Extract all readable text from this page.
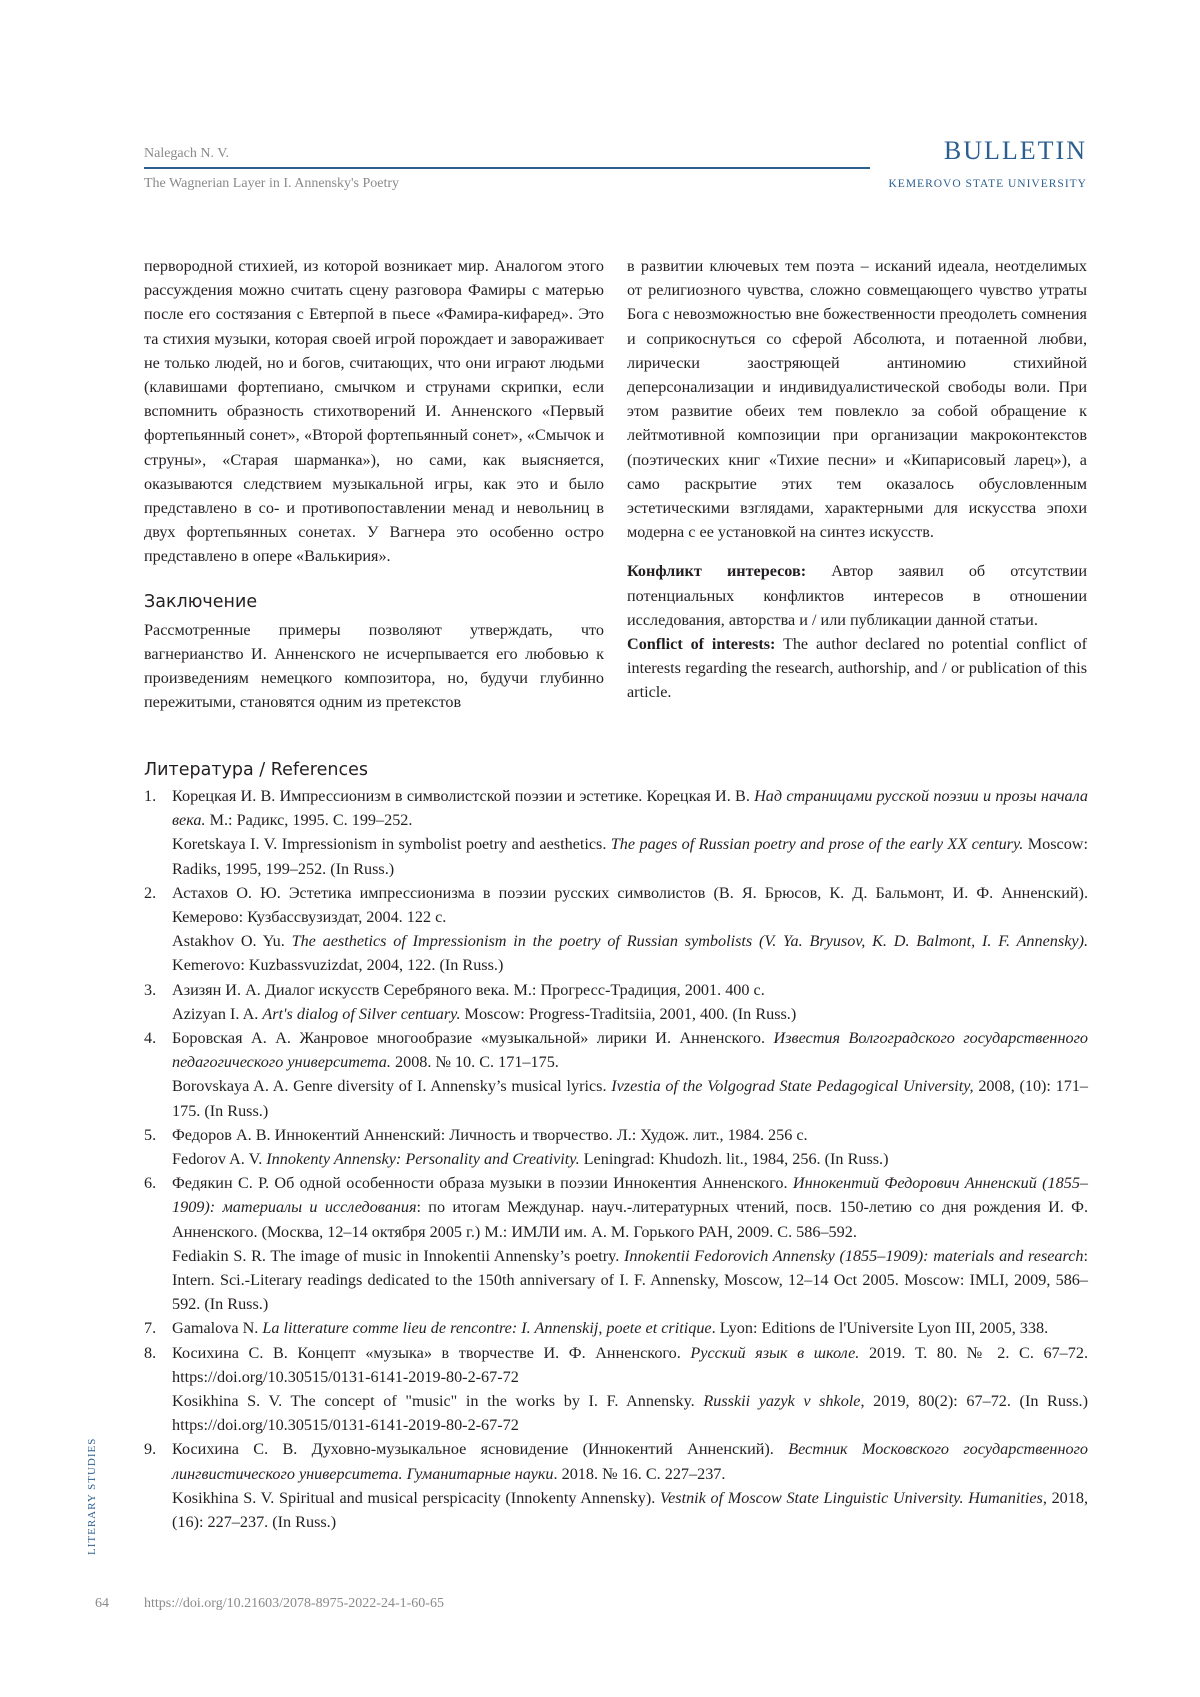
Nalegach N. V.
The Wagnerian Layer in I. Annensky's Poetry
BULLETIN
KEMEROVO STATE UNIVERSITY

первородной стихией, из которой возникает мир. Аналогом этого рассуждения можно считать сцену разговора Фамиры с матерью после его состязания с Евтерпой в пьесе «Фамира-кифаред». Это та стихия музыки, которая своей игрой порождает и завораживает не только людей, но и богов, считающих, что они играют людьми (клавишами фортепиано, смычком и струнами скрипки, если вспомнить образность стихотворений И. Анненского «Первый фортепьянный сонет», «Второй фортепьянный сонет», «Смычок и струны», «Старая шарманка»), но сами, как выясняется, оказываются следствием музыкальной игры, как это и было представлено в со- и противопоставлении менад и невольниц в двух фортепьянных сонетах. У Вагнера это особенно остро представлено в опере «Валькирия».

Заключение

Рассмотренные примеры позволяют утверждать, что вагнерианство И. Анненского не исчерпывается его любовью к произведениям немецкого композитора, но, будучи глубинно пережитыми, становятся одним из претекстов

в развитии ключевых тем поэта – исканий идеала, неотделимых от религиозного чувства, сложно совмещающего чувство утраты Бога с невозможностью вне божественности преодолеть сомнения и соприкоснуться со сферой Абсолюта, и потаенной любви, лирически заостряющей антиномию стихийной деперсонализации и индивидуалистической свободы воли. При этом развитие обеих тем повлекло за собой обращение к лейтмотивной композиции при организации макроконтекстов (поэтических книг «Тихие песни» и «Кипарисовый ларец»), а само раскрытие этих тем оказалось обусловленным эстетическими взглядами, характерными для искусства эпохи модерна с ее установкой на синтез искусств.

Конфликт интересов: Автор заявил об отсутствии потенциальных конфликтов интересов в отношении исследования, авторства и / или публикации данной статьи.

Conflict of interests: The author declared no potential conflict of interests regarding the research, authorship, and / or publication of this article.

Литература / References
1. Корецкая И. В. Импрессионизм в символистской поэзии и эстетике. Корецкая И. В. Над страницами русской поэзии и прозы начала века. М.: Радикс, 1995. С. 199–252.

Koretskaya I. V. Impressionism in symbolist poetry and aesthetics. The pages of Russian poetry and prose of the early XX century. Moscow: Radiks, 1995, 199–252. (In Russ.)

2. Астахов О. Ю. Эстетика импрессионизма в поэзии русских символистов (В. Я. Брюсов, К. Д. Бальмонт, И. Ф. Анненский). Кемерово: Кузбассвузиздат, 2004. 122 с.

Astakhov O. Yu. The aesthetics of Impressionism in the poetry of Russian symbolists (V. Ya. Bryusov, K. D. Balmont, I. F. Annensky). Kemerovo: Kuzbassvuzizdat, 2004, 122. (In Russ.)

3. Азизян И. А. Диалог искусств Серебряного века. М.: Прогресс-Традиция, 2001. 400 с.

Azizyan I. A. Art's dialog of Silver centuary. Moscow: Progress-Traditsiia, 2001, 400. (In Russ.)

4. Боровская А. А. Жанровое многообразие «музыкальной» лирики И. Анненского. Известия Волгоградского государственного педагогического университета. 2008. № 10. С. 171–175.

Borovskaya A. A. Genre diversity of I. Annensky’s musical lyrics. Ivzestia of the Volgograd State Pedagogical University, 2008, (10): 171–175. (In Russ.)

5. Федоров А. В. Иннокентий Анненский: Личность и творчество. Л.: Худож. лит., 1984. 256 с.

Fedorov A. V. Innokenty Annensky: Personality and Creativity. Leningrad: Khudozh. lit., 1984, 256. (In Russ.)

6. Федякин С. Р. Об одной особенности образа музыки в поэзии Иннокентия Анненского. Иннокентий Федорович Анненский (1855–1909): материалы и исследования: по итогам Междунар. науч.-литературных чтений, посв. 150-летию со дня рождения И. Ф. Анненского. (Москва, 12–14 октября 2005 г.) М.: ИМЛИ им. А. М. Горького РАН, 2009. С. 586–592.

Fediakin S. R. The image of music in Innokentii Annensky’s poetry. Innokentii Fedorovich Annensky (1855–1909): materials and research: Intern. Sci.-Literary readings dedicated to the 150th anniversary of I. F. Annensky, Moscow, 12–14 Oct 2005. Moscow: IMLI, 2009, 586–592. (In Russ.)

7. Gamalova N. La litterature comme lieu de rencontre: I. Annenskij, poete et critique. Lyon: Editions de l'Universite Lyon III, 2005, 338.

8. Косихина С. В. Концепт «музыка» в творчестве И. Ф. Анненского. Русский язык в школе. 2019. Т. 80. № 2. С. 67–72. https://doi.org/10.30515/0131-6141-2019-80-2-67-72

Kosikhina S. V. The concept of "music" in the works by I. F. Annensky. Russkii yazyk v shkole, 2019, 80(2): 67–72. (In Russ.) https://doi.org/10.30515/0131-6141-2019-80-2-67-72

9. Косихина С. В. Духовно-музыкальное ясновидение (Иннокентий Анненский). Вестник Московского государственного лингвистического университета. Гуманитарные науки. 2018. № 16. С. 227–237.

Kosikhina S. V. Spiritual and musical perspicacity (Innokenty Annensky). Vestnik of Moscow State Linguistic University. Humanities, 2018, (16): 227–237. (In Russ.)

LITERARY STUDIES
64	https://doi.org/10.21603/2078-8975-2022-24-1-60-65
